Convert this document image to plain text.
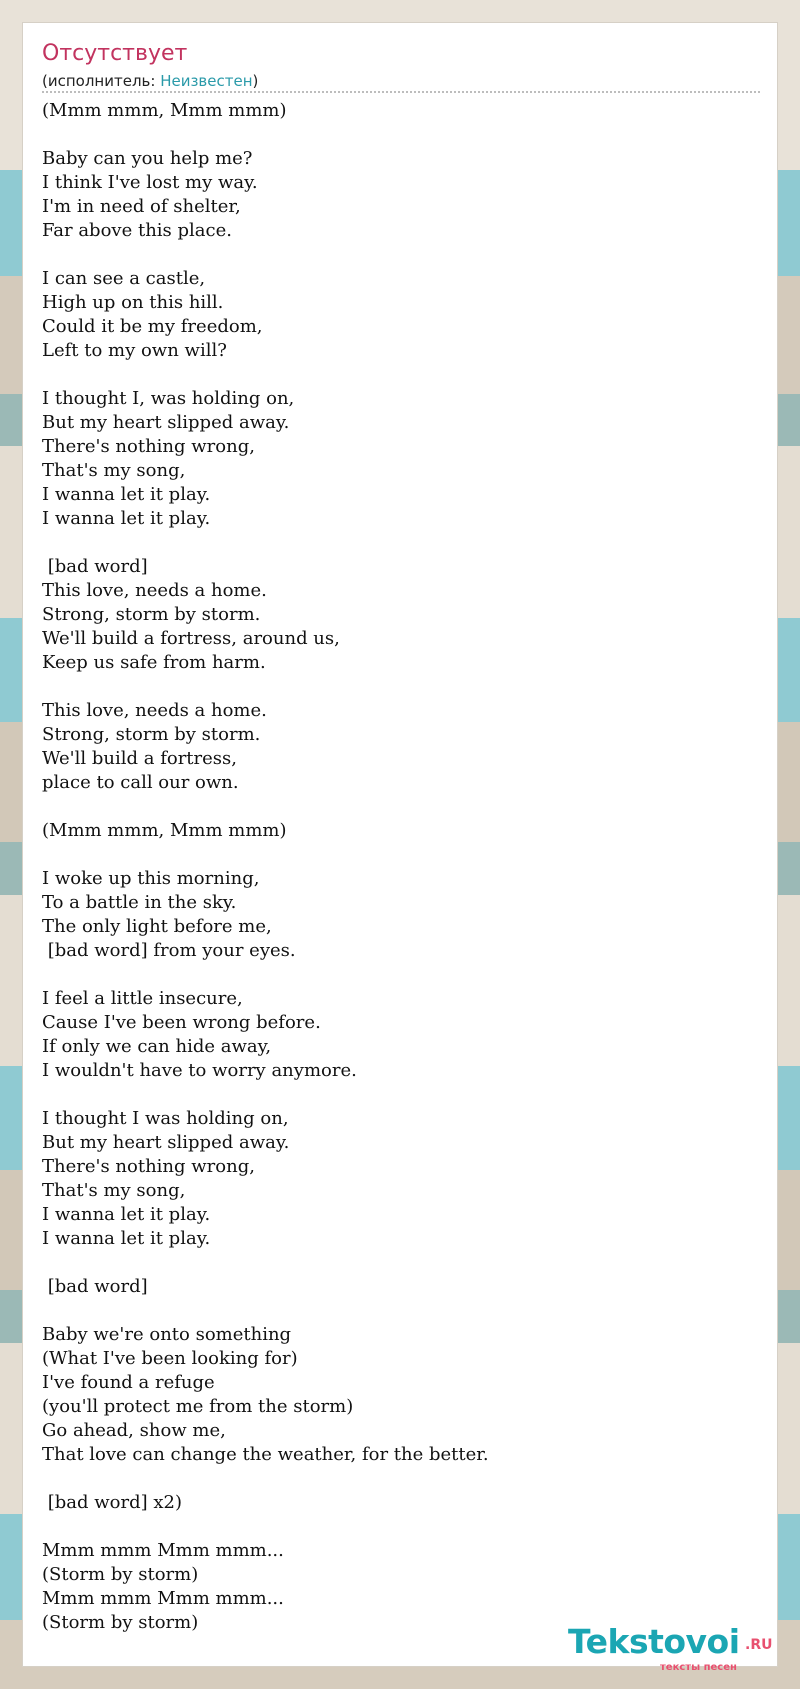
Отсутствует
(исполнитель: Неизвестен)
(Mmm mmm, Mmm mmm)

Baby can you help me?
I think I've lost my way.
I'm in need of shelter,
Far above this place.

I can see a castle,
High up on this hill.
Could it be my freedom,
Left to my own will?

I thought I, was holding on,
But my heart slipped away.
There's nothing wrong,
That's my song,
I wanna let it play.
I wanna let it play.

[bad word]
This love, needs a home.
Strong, storm by storm.
We'll build a fortress, around us,
Keep us safe from harm.

This love, needs a home.
Strong, storm by storm.
We'll build a fortress,
place to call our own.

(Mmm mmm, Mmm mmm)

I woke up this morning,
To a battle in the sky.
The only light before me,
[bad word] from your eyes.

I feel a little insecure,
Cause I've been wrong before.
If only we can hide away,
I wouldn't have to worry anymore.

I thought I was holding on,
But my heart slipped away.
There's nothing wrong,
That's my song,
I wanna let it play.
I wanna let it play.

[bad word]

Baby we're onto something
(What I've been looking for)
I've found a refuge
(you'll protect me from the storm)
Go ahead, show me,
That love can change the weather, for the better.

[bad word] x2)

Mmm mmm Mmm mmm...
(Storm by storm)
Mmm mmm Mmm mmm...
(Storm by storm)	Tekstovoi .RU
тексты песен
